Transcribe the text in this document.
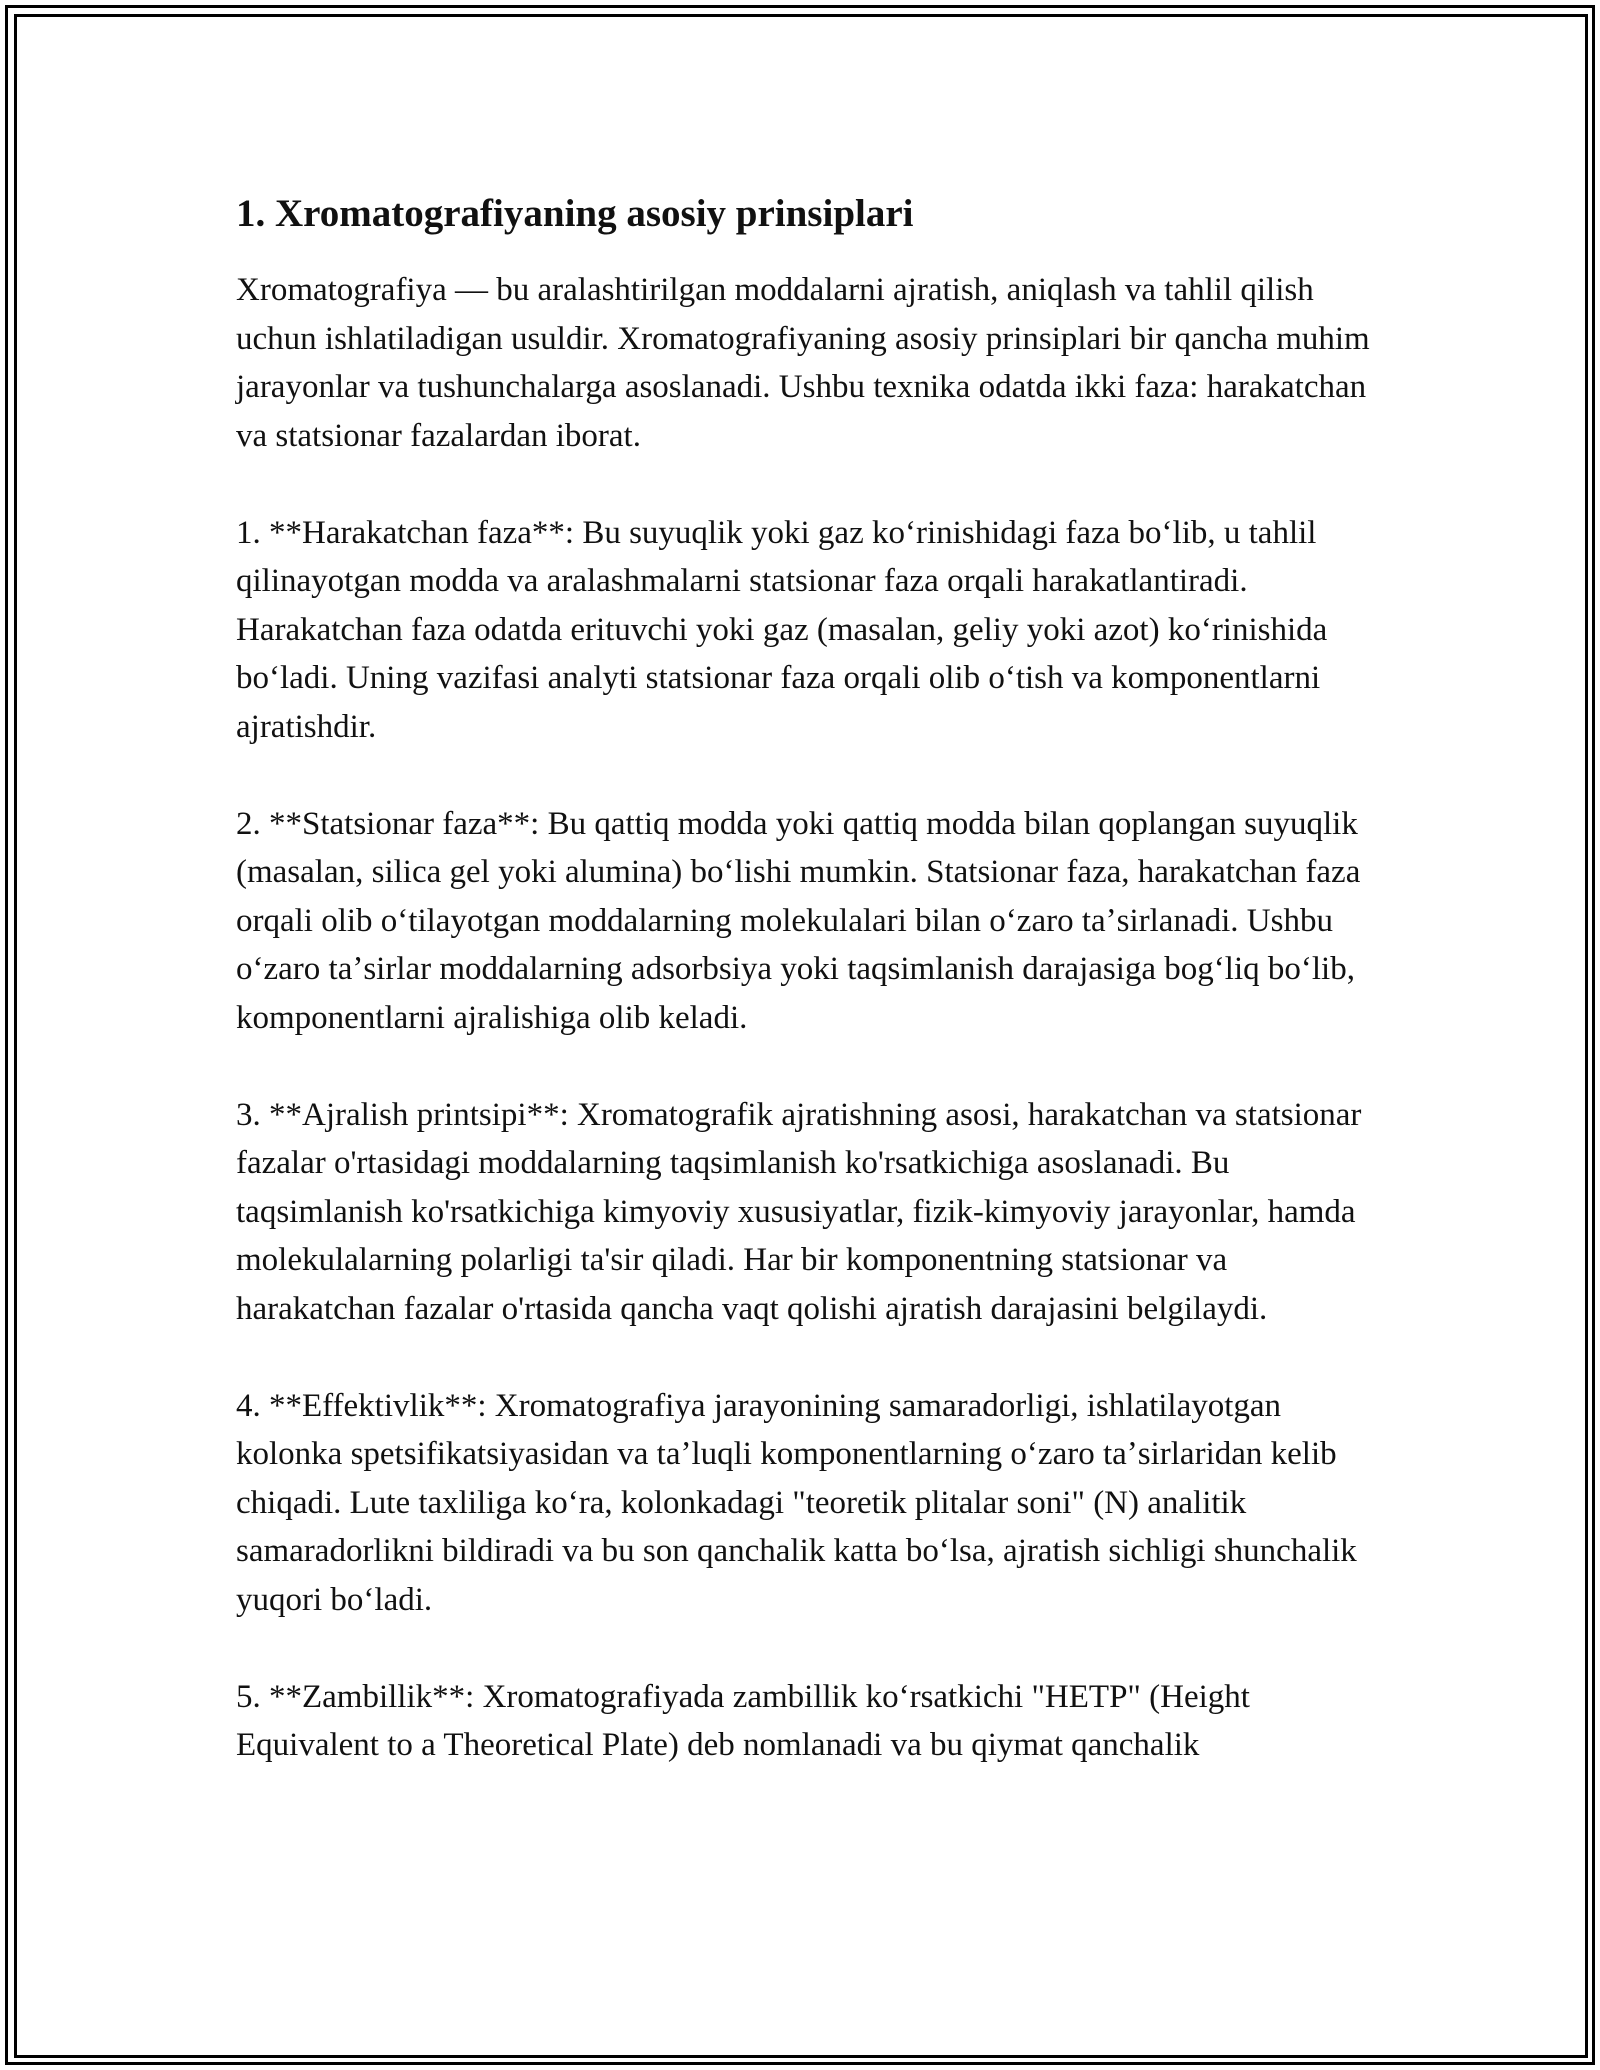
1. Xromatografiyaning asosiy prinsiplari
Xromatografiya — bu aralashtirilgan moddalarni ajratish, aniqlash va tahlil qilish uchun ishlatiladigan usuldir. Xromatografiyaning asosiy prinsiplari bir qancha muhim jarayonlar va tushunchalarga asoslanadi. Ushbu texnika odatda ikki faza: harakatchan va statsionar fazalardan iborat.
1. **Harakatchan faza**: Bu suyuqlik yoki gaz koʻrinishidagi faza boʻlib, u tahlil qilinayotgan modda va aralashmalarni statsionar faza orqali harakatlantiradi. Harakatchan faza odatda erituvchi yoki gaz (masalan, geliy yoki azot) koʻrinishida boʻladi. Uning vazifasi analyti statsionar faza orqali olib oʻtish va komponentlarni ajratishdir.
2. **Statsionar faza**: Bu qattiq modda yoki qattiq modda bilan qoplangan suyuqlik (masalan, silica gel yoki alumina) boʻlishi mumkin. Statsionar faza, harakatchan faza orqali olib oʻtilayotgan moddalarning molekulalari bilan oʻzaro taʼsirlanadi. Ushbu oʻzaro taʼsirlar moddalarning adsorbsiya yoki taqsimlanish darajasiga bogʻliq boʻlib, komponentlarni ajralishiga olib keladi.
3. **Ajralish printsipi**: Xromatografik ajratishning asosi, harakatchan va statsionar fazalar o'rtasidagi moddalarning taqsimlanish ko'rsatkichiga asoslanadi. Bu taqsimlanish ko'rsatkichiga kimyoviy xususiyatlar, fizik-kimyoviy jarayonlar, hamda molekulalarning polarligi ta'sir qiladi. Har bir komponentning statsionar va harakatchan fazalar o'rtasida qancha vaqt qolishi ajratish darajasini belgilaydi.
4. **Effektivlik**: Xromatografiya jarayonining samaradorligi, ishlatilayotgan kolonka spetsifikatsiyasidan va taʼluqli komponentlarning oʻzaro taʼsirlaridan kelib chiqadi. Lute taxliliga koʻra, kolonkadagi "teoretik plitalar soni" (N) analitik samaradorlikni bildiradi va bu son qanchalik katta boʻlsa, ajratish sichligi shunchalik yuqori boʻladi.
5. **Zambillik**: Xromatografiyada zambillik koʻrsatkichi "HETP" (Height Equivalent to a Theoretical Plate) deb nomlanadi va bu qiymat qanchalik
